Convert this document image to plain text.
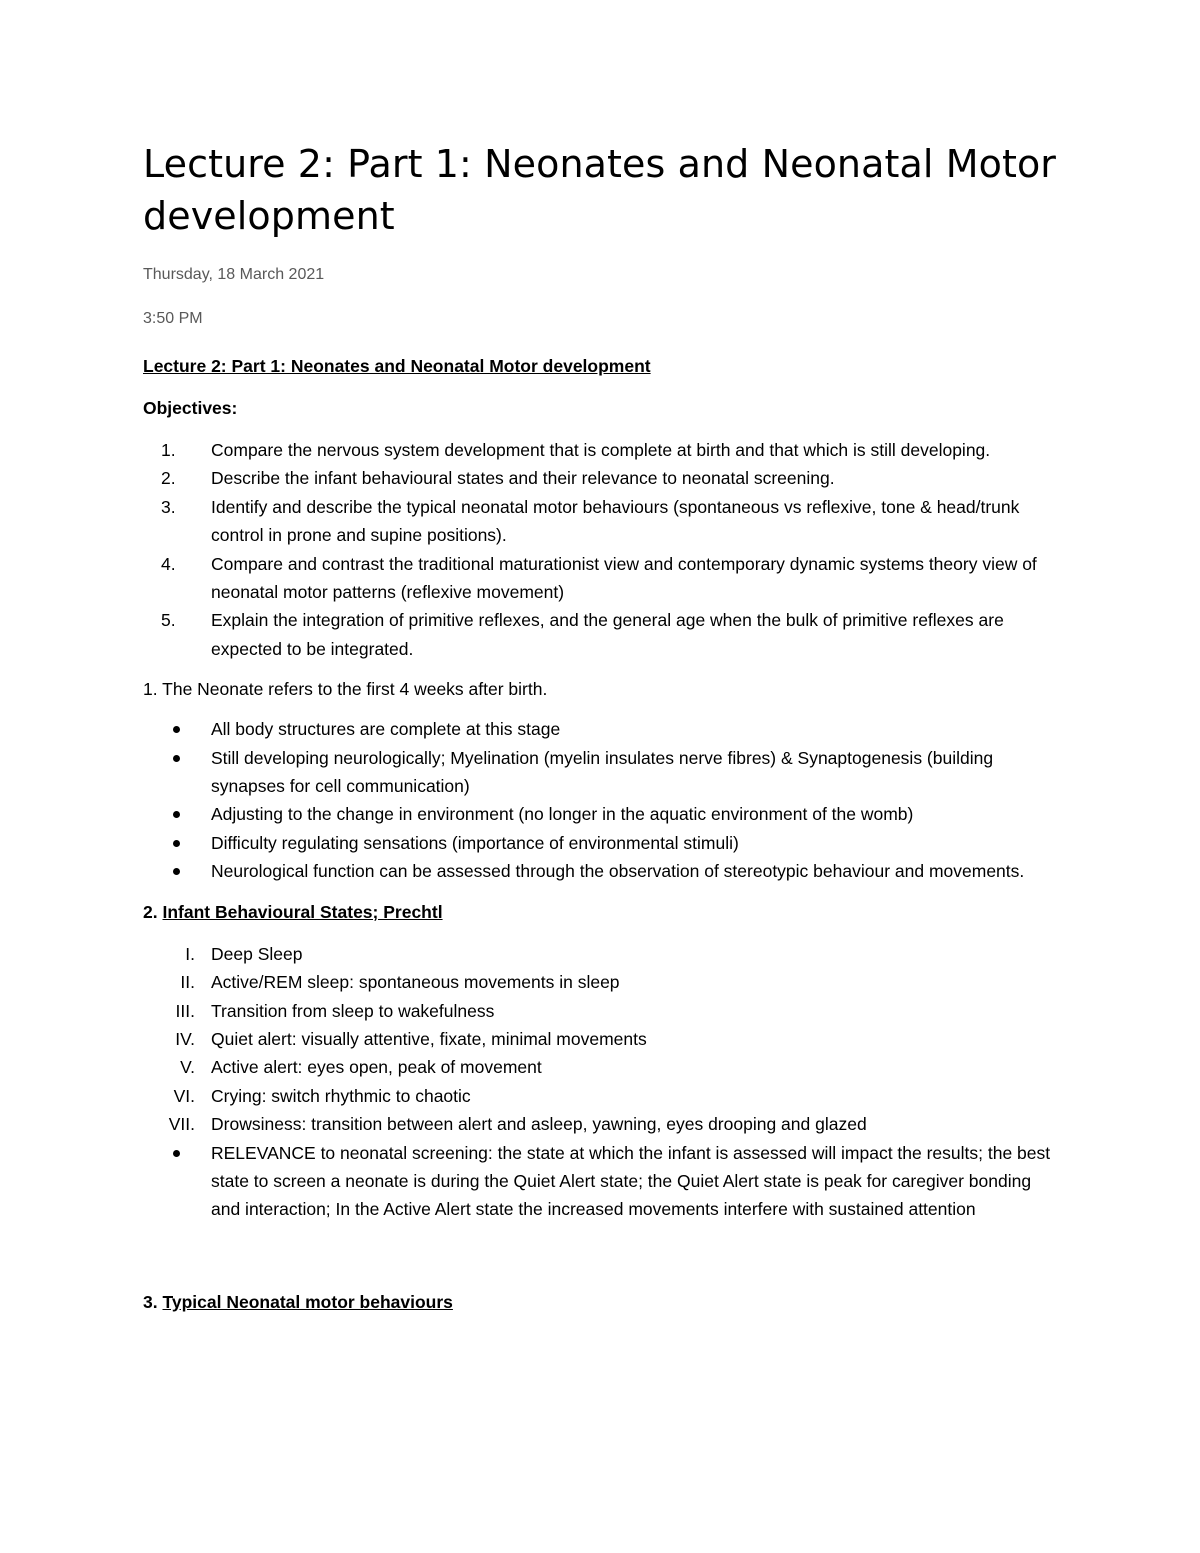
Lecture 2: Part 1: Neonates and Neonatal Motor development
Thursday, 18 March 2021
3:50 PM
Lecture 2: Part 1: Neonates and Neonatal Motor development
Objectives:
1.	Compare the nervous system development that is complete at birth and that which is still developing.
2.	Describe the infant behavioural states and their relevance to neonatal screening.
3.	Identify and describe the typical neonatal motor behaviours (spontaneous vs reflexive, tone & head/trunk control in prone and supine positions).
4.	Compare and contrast the traditional maturationist view and contemporary dynamic systems theory view of neonatal motor patterns (reflexive movement)
5.	Explain the integration of primitive reflexes, and the general age when the bulk of primitive reflexes are expected to be integrated.
1. The Neonate refers to the first 4 weeks after birth.
All body structures are complete at this stage
Still developing neurologically; Myelination (myelin insulates nerve fibres) & Synaptogenesis (building synapses for cell communication)
Adjusting to the change in environment (no longer in the aquatic environment of the womb)
Difficulty regulating sensations (importance of environmental stimuli)
Neurological function can be assessed through the observation of stereotypic behaviour and movements.
2. Infant Behavioural States; Prechtl
I. Deep Sleep
II. Active/REM sleep: spontaneous movements in sleep
III. Transition from sleep to wakefulness
IV. Quiet alert: visually attentive, fixate, minimal movements
V. Active alert: eyes open, peak of movement
VI. Crying: switch rhythmic to chaotic
VII. Drowsiness: transition between alert and asleep, yawning, eyes drooping and glazed
RELEVANCE to neonatal screening: the state at which the infant is assessed will impact the results; the best state to screen a neonate is during the Quiet Alert state; the Quiet Alert state is peak for caregiver bonding and interaction; In the Active Alert state the increased movements interfere with sustained attention
3. Typical Neonatal motor behaviours
